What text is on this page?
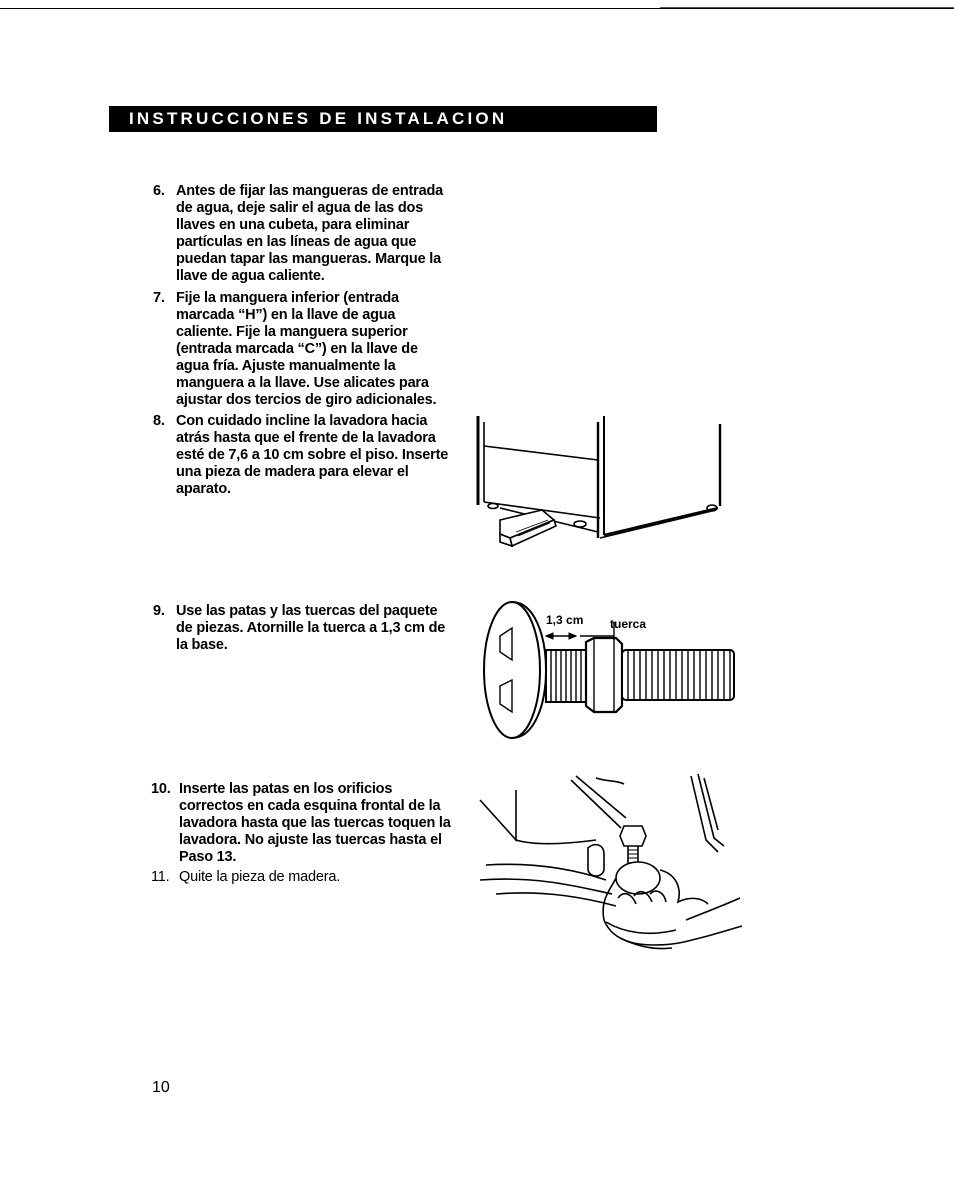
INSTRUCCIONES DE INSTALACION
6. Antes de fijar las mangueras de entrada de agua, deje salir el agua de las dos llaves en una cubeta, para eliminar partículas en las líneas de agua que puedan tapar las mangueras. Marque la llave de agua caliente.
7. Fije la manguera inferior (entrada marcada “H”) en la llave de agua caliente. Fije la manguera superior (entrada marcada “C”) en la llave de agua fría. Ajuste manualmente la manguera a la llave. Use alicates para ajustar dos tercios de giro adicionales.
8. Con cuidado incline la lavadora hacia atrás hasta que el frente de la lavadora esté de 7,6 a 10 cm sobre el piso. Inserte una pieza de madera para elevar el aparato.
9. Use las patas y las tuercas del paquete de piezas. Atornille la tuerca a 1,3 cm de la base.
10. Inserte las patas en los orificios correctos en cada esquina frontal de la lavadora hasta que las tuercas toquen la lavadora. No ajuste las tuercas hasta el Paso 13.
11. Quite la pieza de madera.
1,3 cm tuerca
10
